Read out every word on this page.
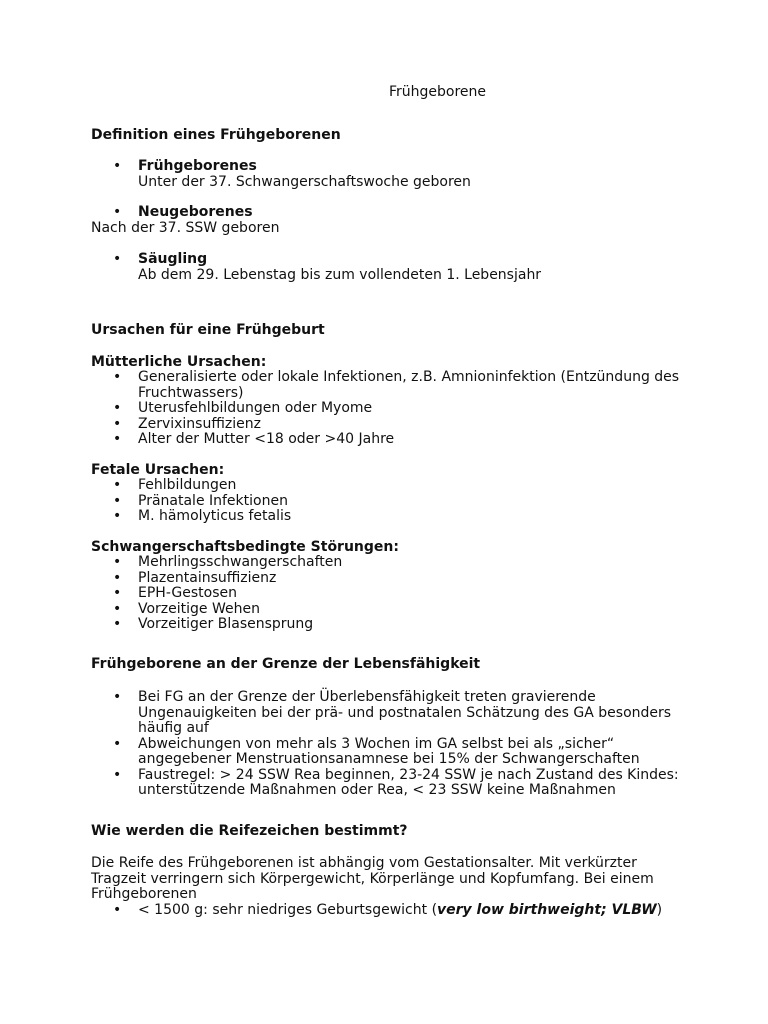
Frühgeborene
Definition eines Frühgeborenen
• Frühgeborenes
Unter der 37. Schwangerschaftswoche geboren
• Neugeborenes
Nach der 37. SSW geboren
• Säugling
Ab dem 29. Lebenstag bis zum vollendeten 1. Lebensjahr
Ursachen für eine Frühgeburt
Mütterliche Ursachen:
• Generalisierte oder lokale Infektionen, z.B. Amnioninfektion (Entzündung des Fruchtwassers)
• Uterusfehlbildungen oder Myome
• Zervixinsuffizienz
• Alter der Mutter <18 oder >40 Jahre
Fetale Ursachen:
• Fehlbildungen
• Pränatale Infektionen
• M. hämolyticus fetalis
Schwangerschaftsbedingte Störungen:
• Mehrlingsschwangerschaften
• Plazentainsuffizienz
• EPH-Gestosen
• Vorzeitige Wehen
• Vorzeitiger Blasensprung
Frühgeborene an der Grenze der Lebensfähigkeit
• Bei FG an der Grenze der Überlebensfähigkeit treten gravierende Ungenauigkeiten bei der prä- und postnatalen Schätzung des GA besonders häufig auf
• Abweichungen von mehr als 3 Wochen im GA selbst bei als „sicher“ angegebener Menstruationsanamnese bei 15% der Schwangerschaften
• Faustregel: > 24 SSW Rea beginnen, 23-24 SSW je nach Zustand des Kindes: unterstützende Maßnahmen oder Rea, < 23 SSW keine Maßnahmen
Wie werden die Reifezeichen bestimmt?
Die Reife des Frühgeborenen ist abhängig vom Gestationsalter. Mit verkürzter Tragzeit verringern sich Körpergewicht, Körperlänge und Kopfumfang. Bei einem Frühgeborenen
• < 1500 g: sehr niedriges Geburtsgewicht (very low birthweight; VLBW)
